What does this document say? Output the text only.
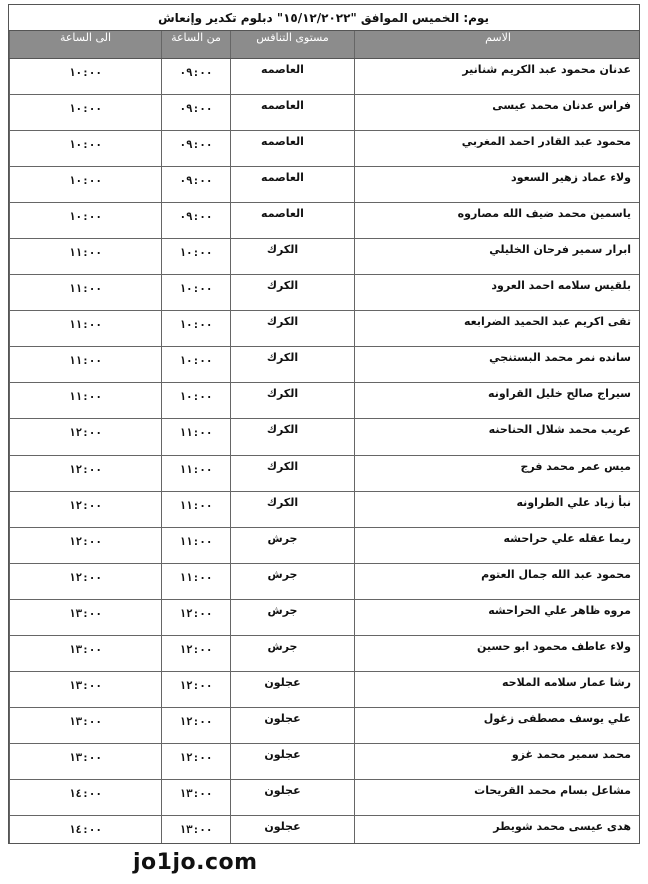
يوم: الخميس الموافق "١٥/١٢/٢٠٢٢" دبلوم تكدير وإنعاش
الاسم	مستوى التنافس	من الساعة	الى الساعة
عدنان محمود عبد الكريم شنانير	العاصمه	٠٩:٠٠	١٠:٠٠
فراس عدنان محمد عيسى	العاصمه	٠٩:٠٠	١٠:٠٠
محمود عبد القادر احمد المغربي	العاصمه	٠٩:٠٠	١٠:٠٠
ولاء عماد زهير السعود	العاصمه	٠٩:٠٠	١٠:٠٠
ياسمين محمد ضيف الله مصاروه	العاصمه	٠٩:٠٠	١٠:٠٠
ابرار سمير فرحان الخليلي	الكرك	١٠:٠٠	١١:٠٠
بلقيس سلامه احمد العرود	الكرك	١٠:٠٠	١١:٠٠
تقى اكريم عبد الحميد الضرابعه	الكرك	١٠:٠٠	١١:٠٠
سانده نمر محمد البستنجي	الكرك	١٠:٠٠	١١:٠٠
سيراج صالح خليل القراونه	الكرك	١٠:٠٠	١١:٠٠
عريب محمد شلال الحناحنه	الكرك	١١:٠٠	١٢:٠٠
ميس عمر محمد فرج	الكرك	١١:٠٠	١٢:٠٠
نبأ زياد علي الطراونه	الكرك	١١:٠٠	١٢:٠٠
ريما عقله علي حراحشه	جرش	١١:٠٠	١٢:٠٠
محمود عبد الله جمال العتوم	جرش	١١:٠٠	١٢:٠٠
مروه ظاهر علي الحراحشه	جرش	١٢:٠٠	١٣:٠٠
ولاء عاطف محمود ابو حسين	جرش	١٢:٠٠	١٣:٠٠
رشا عمار سلامه الملاحه	عجلون	١٢:٠٠	١٣:٠٠
علي يوسف مصطفى زغول	عجلون	١٢:٠٠	١٣:٠٠
محمد سمير محمد غزو	عجلون	١٢:٠٠	١٣:٠٠
مشاعل بسام محمد القريحات	عجلون	١٣:٠٠	١٤:٠٠
هدى عيسى محمد شويطر	عجلون	١٣:٠٠	١٤:٠٠

jo1jo.com
